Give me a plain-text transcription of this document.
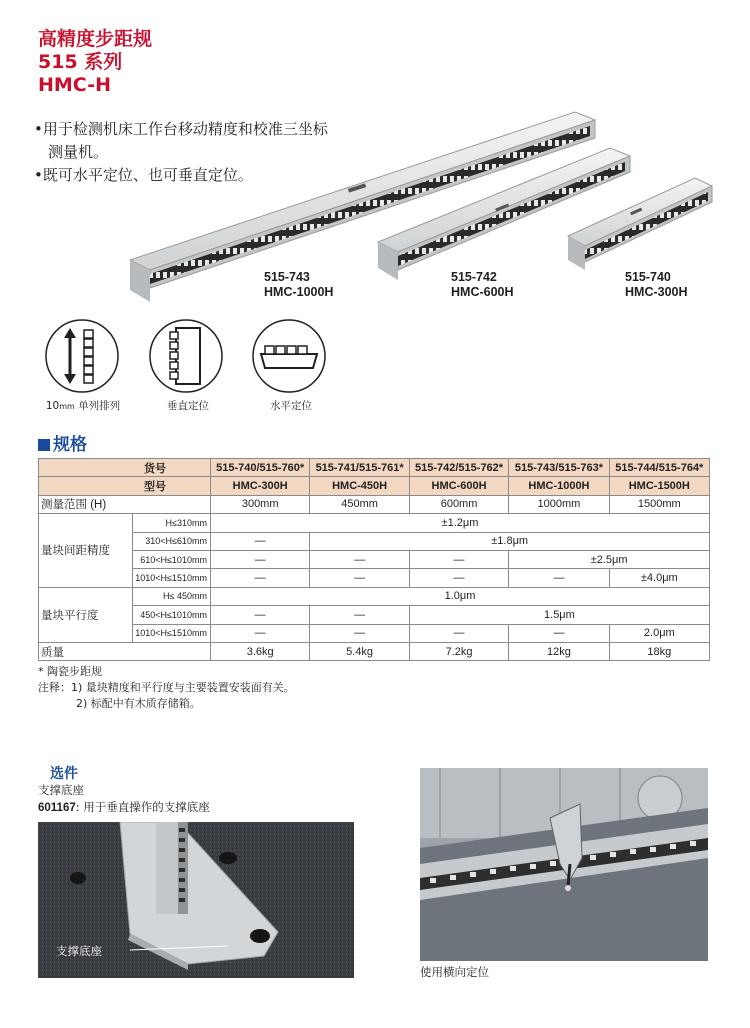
高精度步距规
515 系列
HMC-H
•用于检测机床工作台移动精度和校准三坐标
测量机。
•既可水平定位、也可垂直定位。
515-743
HMC-1000H
515-742
HMC-600H
515-740
HMC-300H
10mm 单列排列	垂直定位	水平定位
规格
货号		515-740/515-760*	515-741/515-761*	515-742/515-762*	515-743/515-763*	515-744/515-764*
型号		HMC-300H	HMC-450H	HMC-600H	HMC-1000H	HMC-1500H
测量范围 (H)		300mm	450mm	600mm	1000mm	1500mm
量块间距精度	H≤310mm	±1.2μm				
	310<H≤610mm	—	±1.8μm			
	610<H≤1010mm	—	—	—	±2.5μm	
	1010<H≤1510mm	—	—	—	—	±4.0μm
量块平行度	H≤ 450mm	1.0μm				
	450<H≤1010mm	—	—	1.5μm		
	1010<H≤1510mm	—	—	—	—	2.0μm
质量		3.6kg	5.4kg	7.2kg	12kg	18kg
* 陶瓷步距规
注释：1) 量块精度和平行度与主要装置安装面有关。
2) 标配中有木质存储箱。
选件
支撑底座
601167: 用于垂直操作的支撑底座
支撑底座
使用横向定位
